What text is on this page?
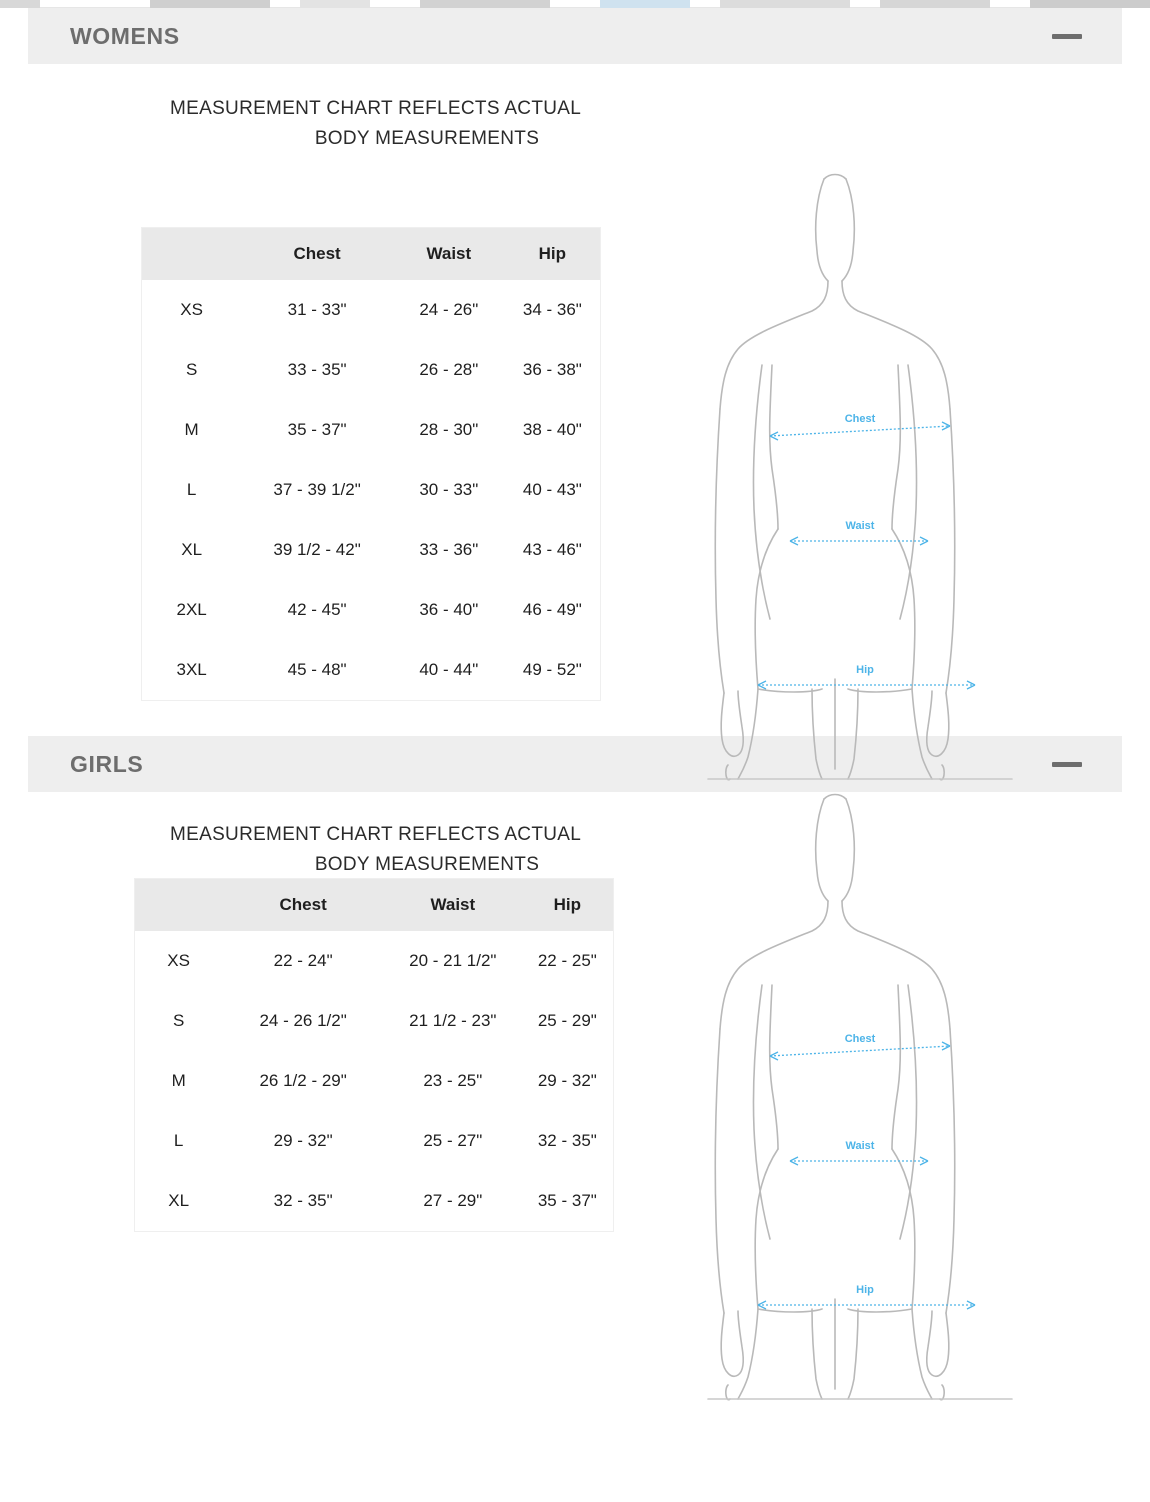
WOMENS
MEASUREMENT CHART REFLECTS ACTUAL
BODY MEASUREMENTS
	Chest	Waist	Hip
XS	31 - 33"	24 - 26"	34 - 36"
S	33 - 35"	26 - 28"	36 - 38"
M	35 - 37"	28 - 30"	38 - 40"
L	37 - 39 1/2"	30 - 33"	40 - 43"
XL	39 1/2 - 42"	33 - 36"	43 - 46"
2XL	42 - 45"	36 - 40"	46 - 49"
3XL	45 - 48"	40 - 44"	49 - 52"
Chest
Waist
Hip
GIRLS
MEASUREMENT CHART REFLECTS ACTUAL
BODY MEASUREMENTS
	Chest	Waist	Hip
XS	22 - 24"	20 - 21 1/2"	22 - 25"
S	24 - 26 1/2"	21 1/2 - 23"	25 - 29"
M	26 1/2 - 29"	23 - 25"	29 - 32"
L	29 - 32"	25 - 27"	32 - 35"
XL	32 - 35"	27 - 29"	35 - 37"
Chest
Waist
Hip
